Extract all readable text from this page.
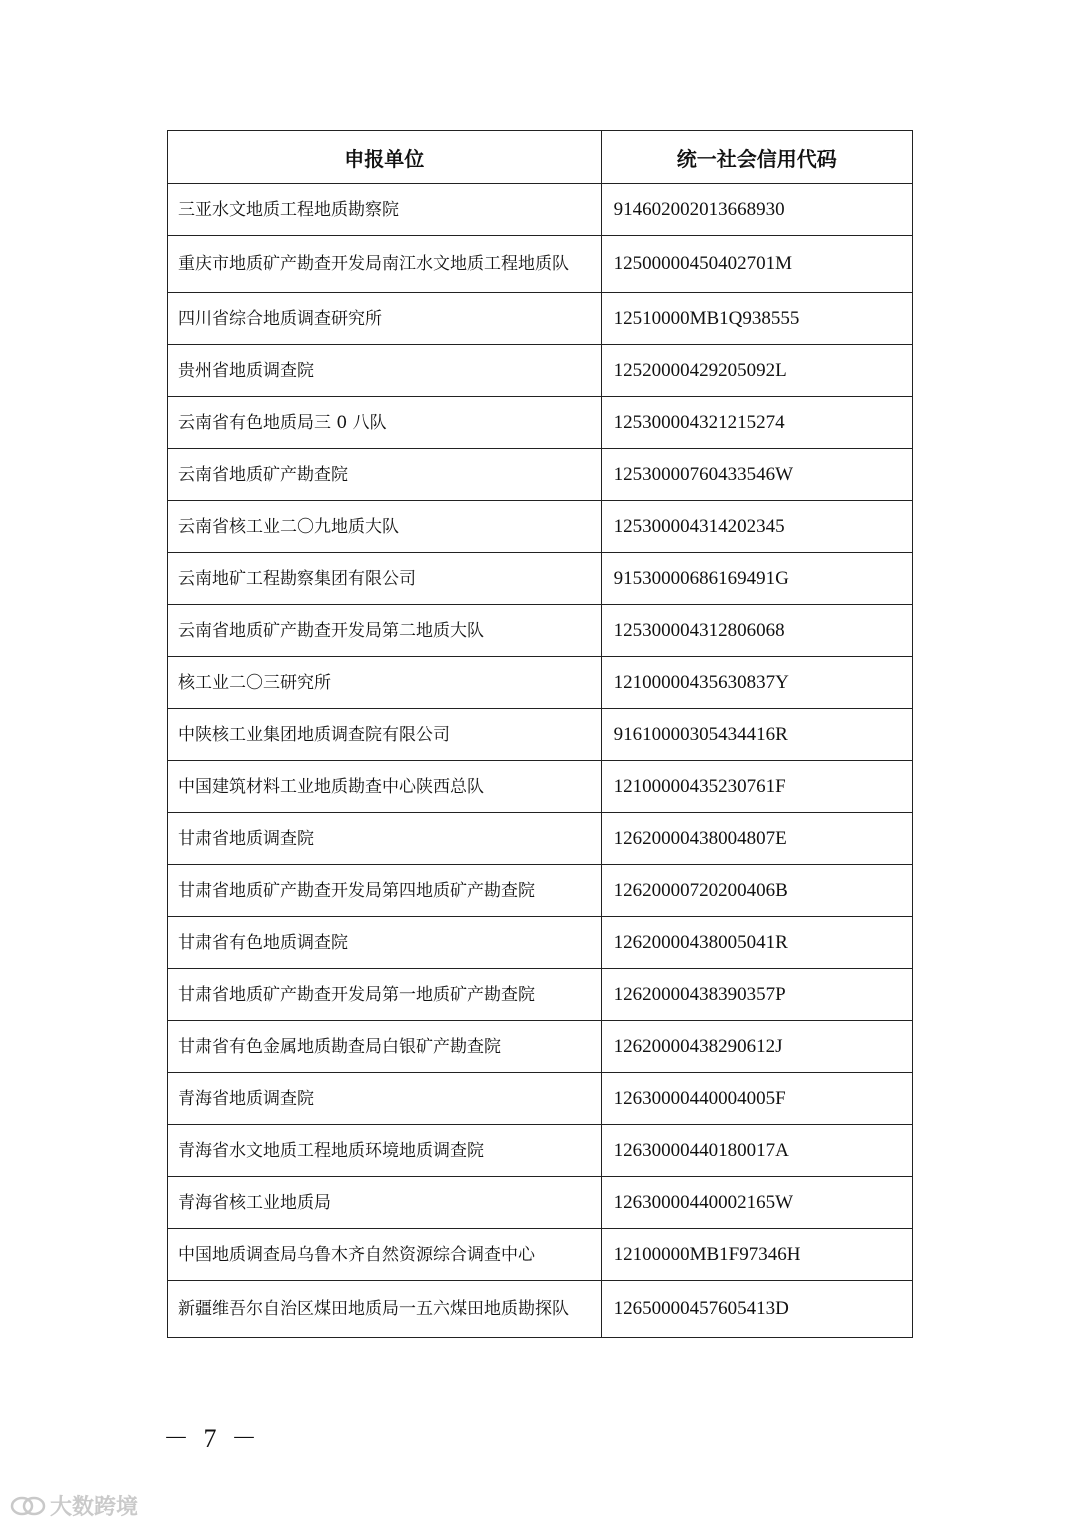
申报单位	统一社会信用代码
三亚水文地质工程地质勘察院	914602002013668930
重庆市地质矿产勘查开发局南江水文地质工程地质队	12500000450402701M
四川省综合地质调查研究所	12510000MB1Q938555
贵州省地质调查院	12520000429205092L
云南省有色地质局三 0 八队	125300004321215274
云南省地质矿产勘查院	12530000760433546W
云南省核工业二〇九地质大队	125300004314202345
云南地矿工程勘察集团有限公司	91530000686169491G
云南省地质矿产勘查开发局第二地质大队	125300004312806068
核工业二〇三研究所	12100000435630837Y
中陕核工业集团地质调查院有限公司	91610000305434416R
中国建筑材料工业地质勘查中心陕西总队	12100000435230761F
甘肃省地质调查院	12620000438004807E
甘肃省地质矿产勘查开发局第四地质矿产勘查院	12620000720200406B
甘肃省有色地质调查院	12620000438005041R
甘肃省地质矿产勘查开发局第一地质矿产勘查院	12620000438390357P
甘肃省有色金属地质勘查局白银矿产勘查院	12620000438290612J
青海省地质调查院	12630000440004005F
青海省水文地质工程地质环境地质调查院	12630000440180017A
青海省核工业地质局	12630000440002165W
中国地质调查局乌鲁木齐自然资源综合调查中心	12100000MB1F97346H
新疆维吾尔自治区煤田地质局一五六煤田地质勘探队	12650000457605413D
－ 7 －
大数跨境
